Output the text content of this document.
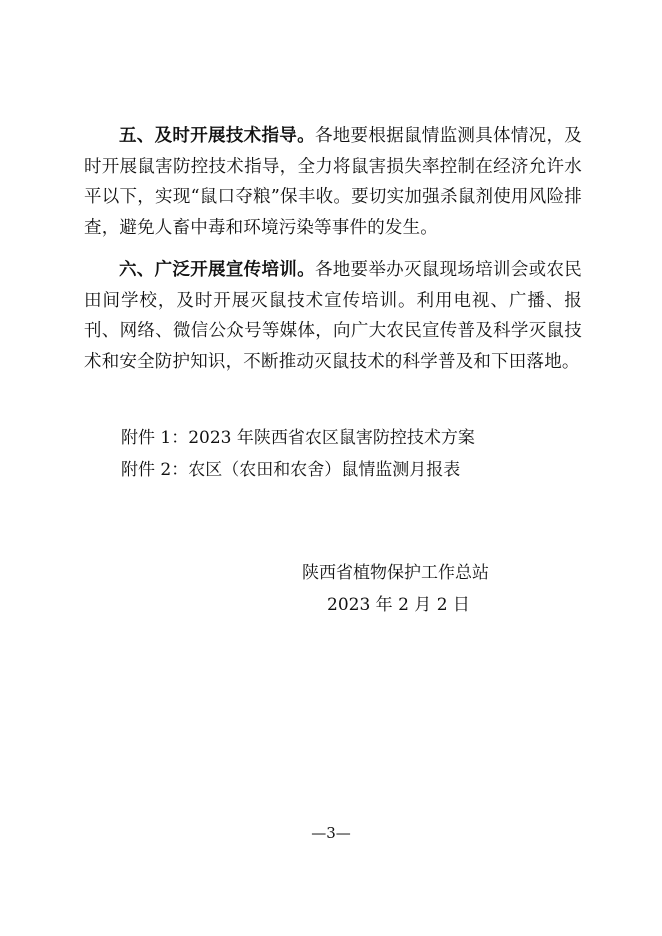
五、及时开展技术指导。各地要根据鼠情监测具体情况，及时开展鼠害防控技术指导，全力将鼠害损失率控制在经济允许水平以下，实现“鼠口夺粮”保丰收。要切实加强杀鼠剂使用风险排查，避免人畜中毒和环境污染等事件的发生。

六、广泛开展宣传培训。各地要举办灭鼠现场培训会或农民田间学校，及时开展灭鼠技术宣传培训。利用电视、广播、报刊、网络、微信公众号等媒体，向广大农民宣传普及科学灭鼠技术和安全防护知识，不断推动灭鼠技术的科学普及和下田落地。

附件 1：2023 年陕西省农区鼠害防控技术方案

附件 2：农区（农田和农舍）鼠情监测月报表

陕西省植物保护工作总站

2023 年 2 月 2 日

—3—
